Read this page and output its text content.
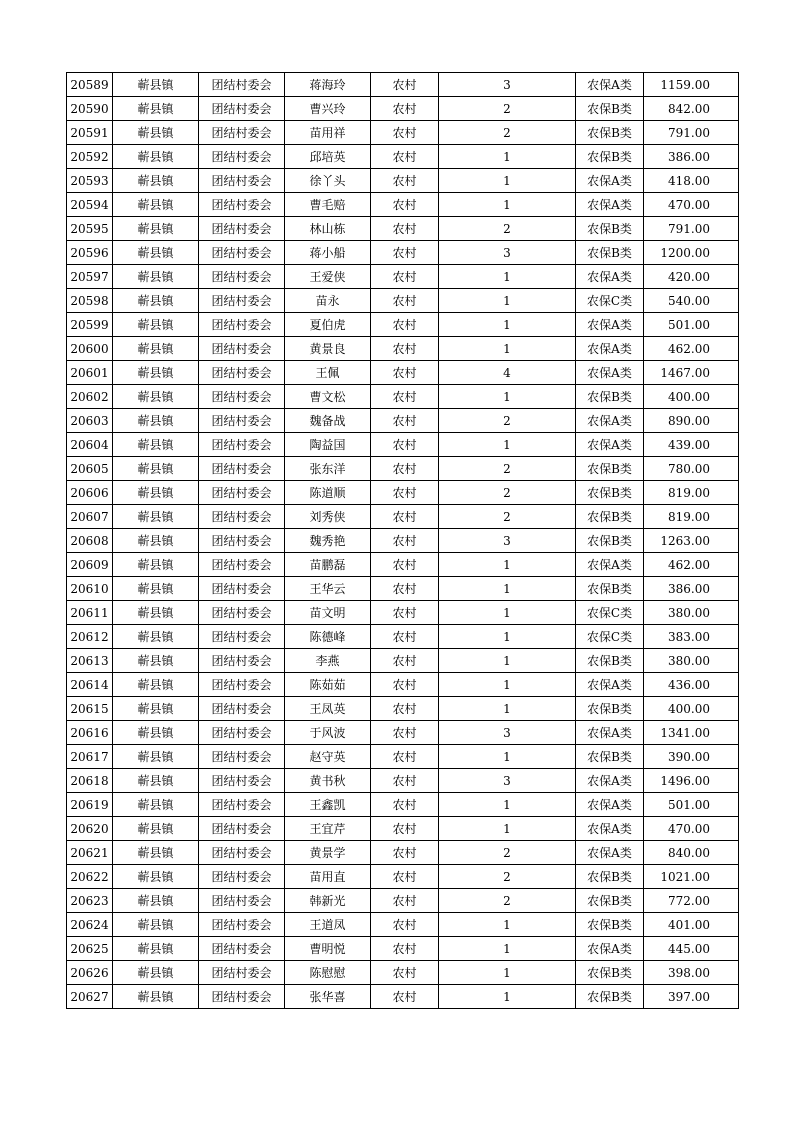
20589	蕲县镇	团结村委会	蒋海玲	农村	3	农保A类	1159.00
20590	蕲县镇	团结村委会	曹兴玲	农村	2	农保B类	842.00
20591	蕲县镇	团结村委会	苗用祥	农村	2	农保B类	791.00
20592	蕲县镇	团结村委会	邱培英	农村	1	农保B类	386.00
20593	蕲县镇	团结村委会	徐丫头	农村	1	农保A类	418.00
20594	蕲县镇	团结村委会	曹毛赔	农村	1	农保A类	470.00
20595	蕲县镇	团结村委会	林山栋	农村	2	农保B类	791.00
20596	蕲县镇	团结村委会	蒋小船	农村	3	农保B类	1200.00
20597	蕲县镇	团结村委会	王爱侠	农村	1	农保A类	420.00
20598	蕲县镇	团结村委会	苗永	农村	1	农保C类	540.00
20599	蕲县镇	团结村委会	夏伯虎	农村	1	农保A类	501.00
20600	蕲县镇	团结村委会	黄景良	农村	1	农保A类	462.00
20601	蕲县镇	团结村委会	王佩	农村	4	农保A类	1467.00
20602	蕲县镇	团结村委会	曹文松	农村	1	农保B类	400.00
20603	蕲县镇	团结村委会	魏备战	农村	2	农保A类	890.00
20604	蕲县镇	团结村委会	陶益国	农村	1	农保A类	439.00
20605	蕲县镇	团结村委会	张东洋	农村	2	农保B类	780.00
20606	蕲县镇	团结村委会	陈道顺	农村	2	农保B类	819.00
20607	蕲县镇	团结村委会	刘秀侠	农村	2	农保B类	819.00
20608	蕲县镇	团结村委会	魏秀艳	农村	3	农保B类	1263.00
20609	蕲县镇	团结村委会	苗鹏磊	农村	1	农保A类	462.00
20610	蕲县镇	团结村委会	王华云	农村	1	农保B类	386.00
20611	蕲县镇	团结村委会	苗文明	农村	1	农保C类	380.00
20612	蕲县镇	团结村委会	陈德峰	农村	1	农保C类	383.00
20613	蕲县镇	团结村委会	李燕	农村	1	农保B类	380.00
20614	蕲县镇	团结村委会	陈茹茹	农村	1	农保A类	436.00
20615	蕲县镇	团结村委会	王凤英	农村	1	农保B类	400.00
20616	蕲县镇	团结村委会	于风波	农村	3	农保A类	1341.00
20617	蕲县镇	团结村委会	赵守英	农村	1	农保B类	390.00
20618	蕲县镇	团结村委会	黄书秋	农村	3	农保A类	1496.00
20619	蕲县镇	团结村委会	王鑫凯	农村	1	农保A类	501.00
20620	蕲县镇	团结村委会	王宜芹	农村	1	农保A类	470.00
20621	蕲县镇	团结村委会	黄景学	农村	2	农保A类	840.00
20622	蕲县镇	团结村委会	苗用直	农村	2	农保B类	1021.00
20623	蕲县镇	团结村委会	韩新光	农村	2	农保B类	772.00
20624	蕲县镇	团结村委会	王道凤	农村	1	农保B类	401.00
20625	蕲县镇	团结村委会	曹明悦	农村	1	农保A类	445.00
20626	蕲县镇	团结村委会	陈慰慰	农村	1	农保B类	398.00
20627	蕲县镇	团结村委会	张华喜	农村	1	农保B类	397.00
